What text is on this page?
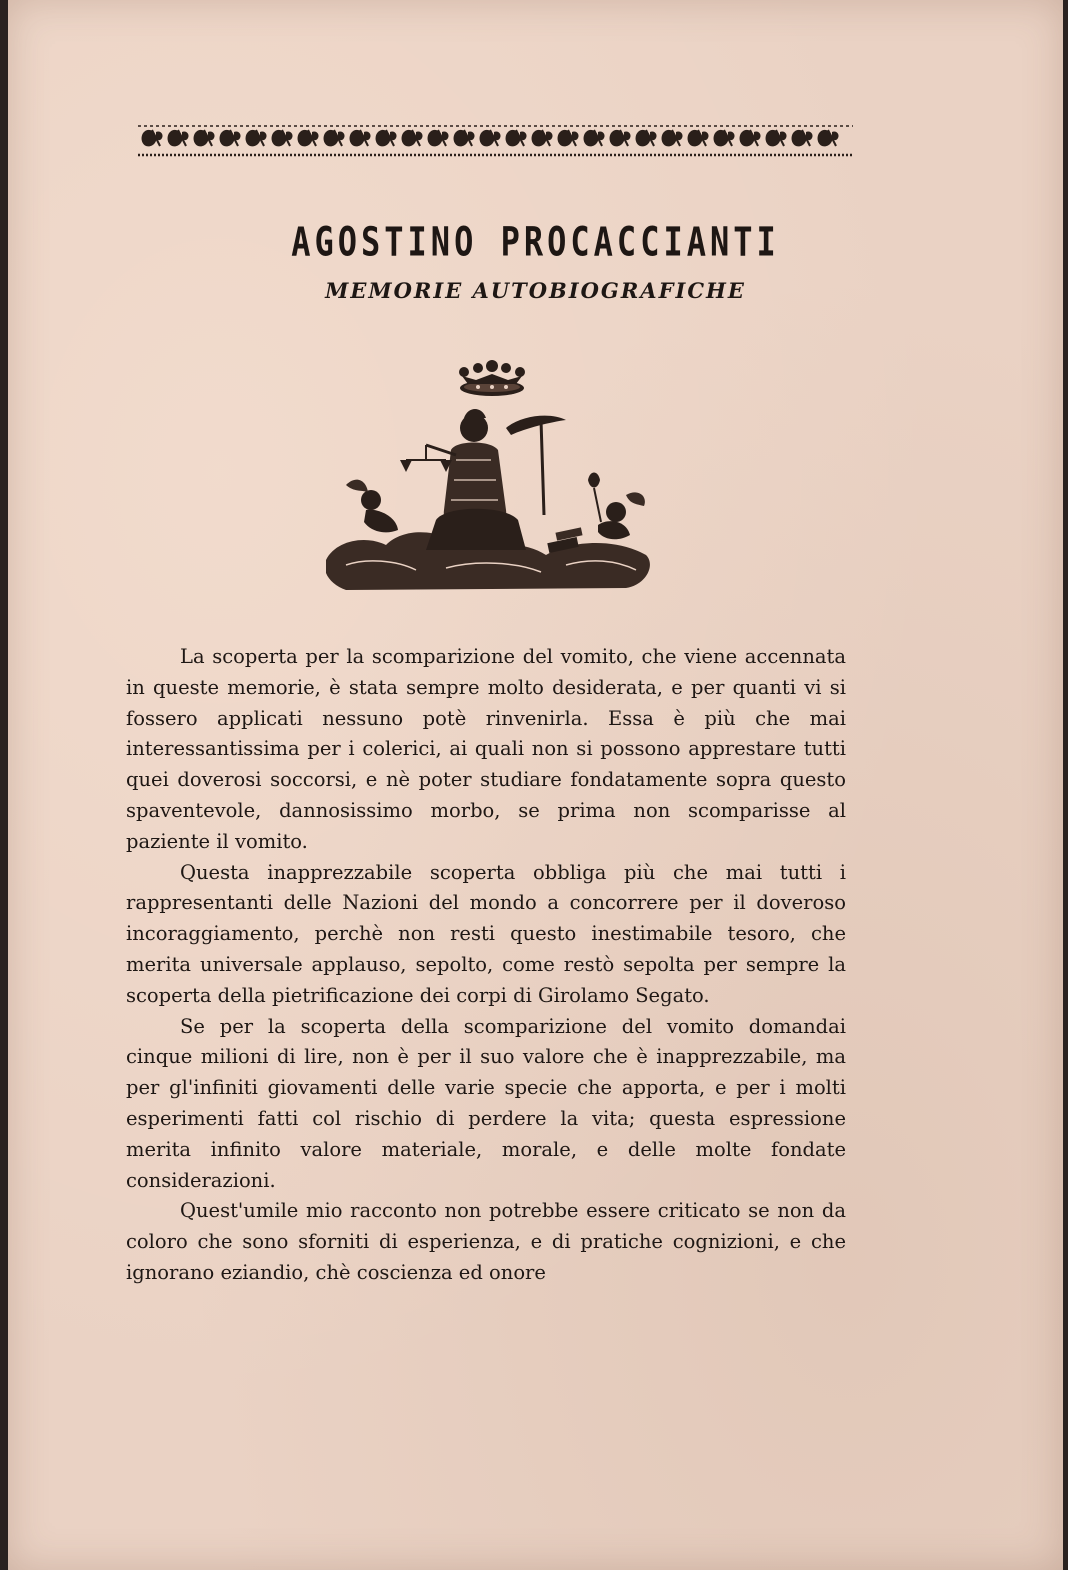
AGOSTINO PROCACCIANTI
MEMORIE AUTOBIOGRAFICHE

La scoperta per la scomparizione del vomito, che viene accennata in queste memorie, è stata sempre molto desiderata, e per quanti vi si fossero applicati nessuno potè rinvenirla. Essa è più che mai interessantissima per i colerici, ai quali non si possono apprestare tutti quei doverosi soccorsi, e nè poter studiare fondatamente sopra questo spaventevole, dannosissimo morbo, se prima non scomparisse al paziente il vomito.

Questa inapprezzabile scoperta obbliga più che mai tutti i rappresentanti delle Nazioni del mondo a concorrere per il doveroso incoraggiamento, perchè non resti questo inestimabile tesoro, che merita universale applauso, sepolto, come restò sepolta per sempre la scoperta della pietrificazione dei corpi di Girolamo Segato.

Se per la scoperta della scomparizione del vomito domandai cinque milioni di lire, non è per il suo valore che è inapprezzabile, ma per gl'infiniti giovamenti delle varie specie che apporta, e per i molti esperimenti fatti col rischio di perdere la vita; questa espressione merita infinito valore materiale, morale, e delle molte fondate considerazioni.

Quest'umile mio racconto non potrebbe essere criticato se non da coloro che sono sforniti di esperienza, e di pratiche cognizioni, e che ignorano eziandio, chè coscienza ed onore
